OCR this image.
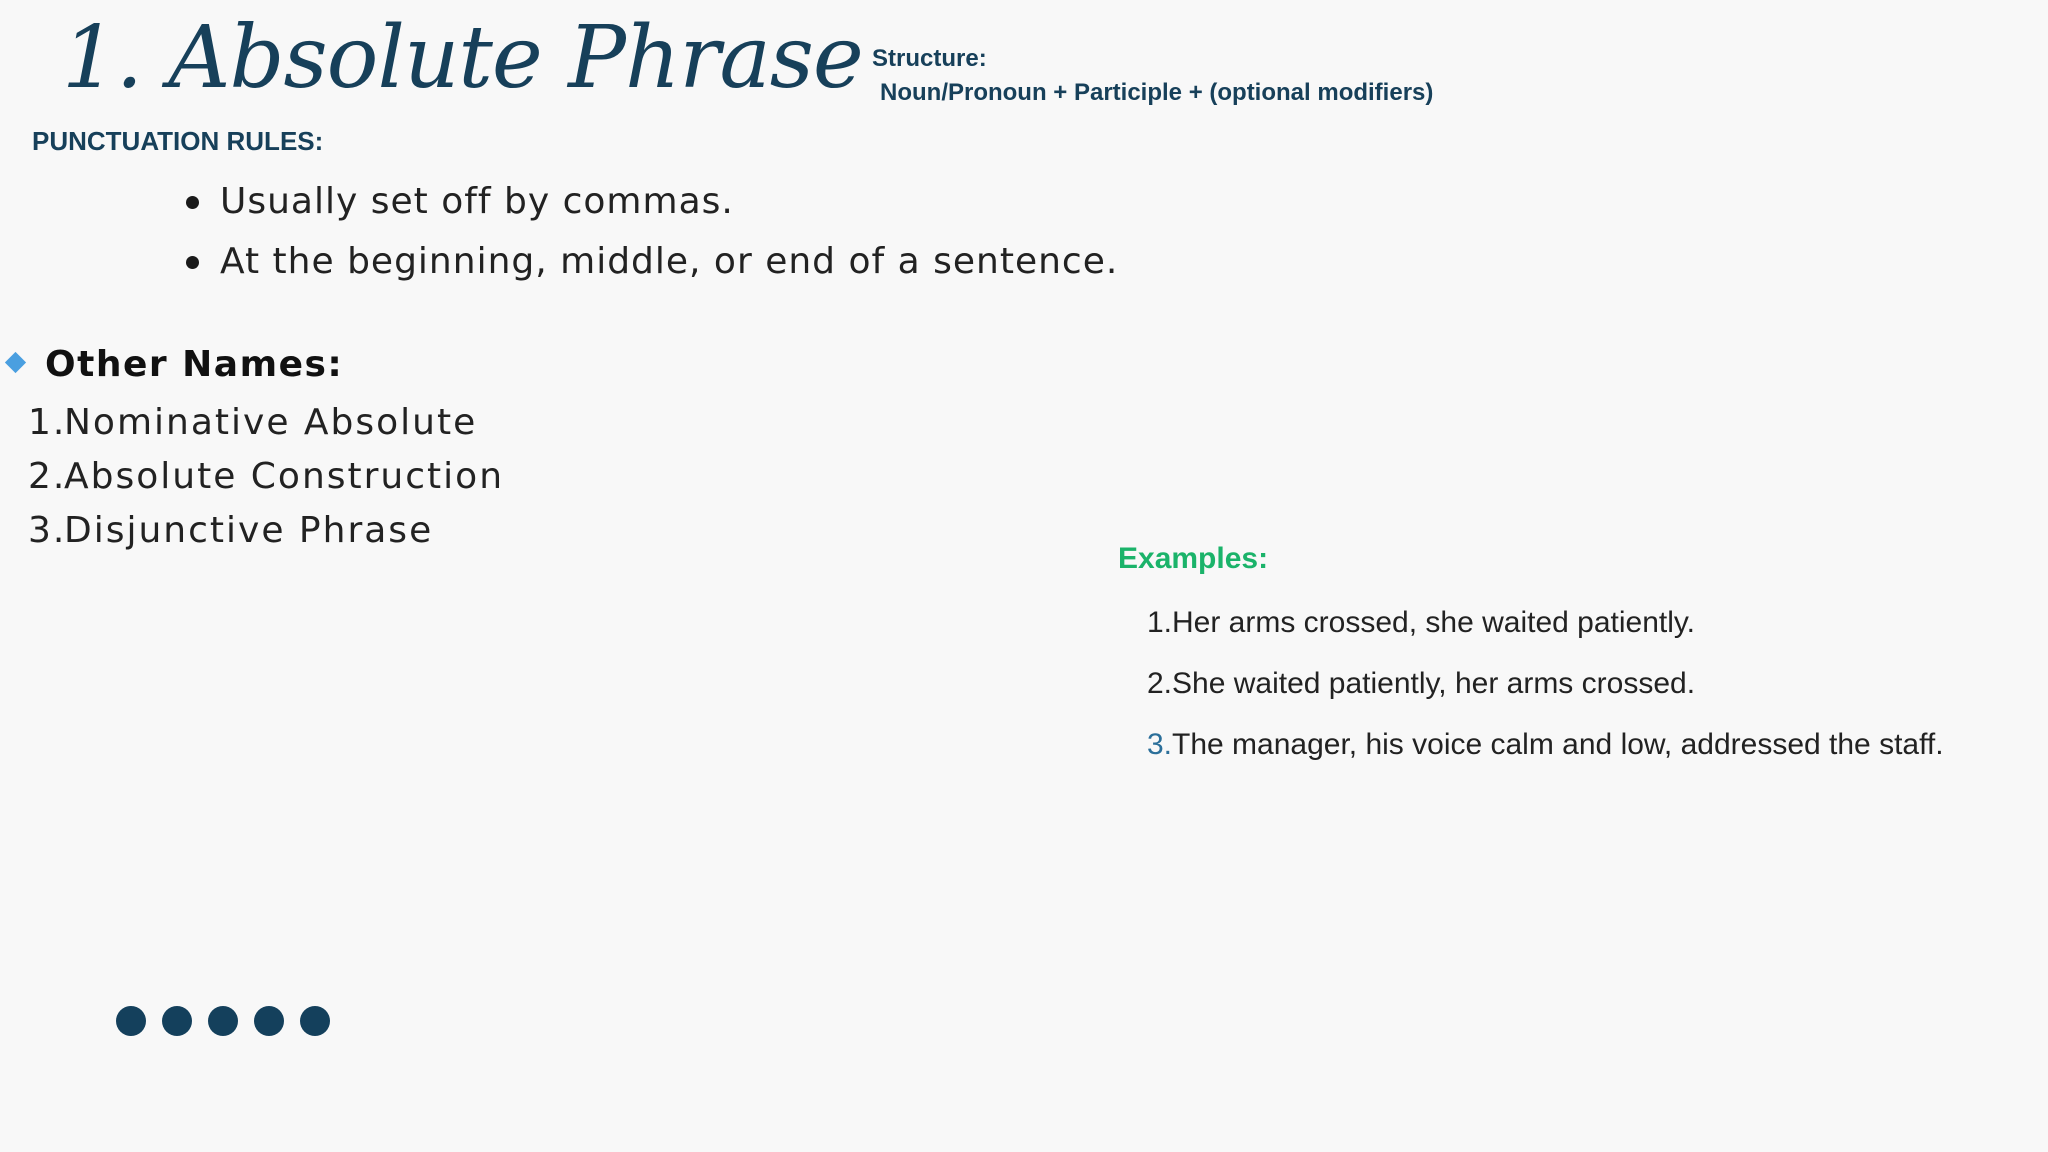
1. Absolute Phrase Structure:
Noun/Pronoun + Participle + (optional modifiers)
PUNCTUATION RULES:
Usually set off by commas.
At the beginning, middle, or end of a sentence.
Other Names:
1.Nominative Absolute
2.Absolute Construction
3.Disjunctive Phrase
Examples:
1.Her arms crossed, she waited patiently.
2.She waited patiently, her arms crossed.
3.The manager, his voice calm and low, addressed the staff.
